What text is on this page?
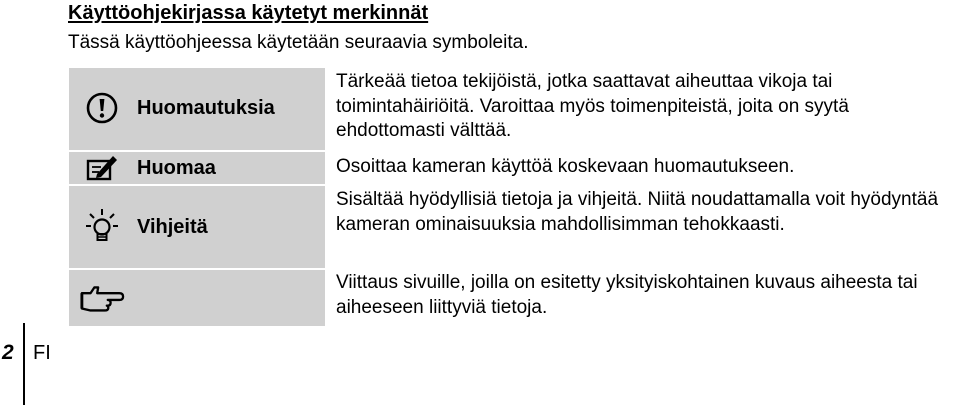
Käyttöohjekirjassa käytetyt merkinnät
Tässä käyttöohjeessa käytetään seuraavia symboleita.
Huomautuksia
Tärkeää tietoa tekijöistä, jotka saattavat aiheuttaa vikoja tai toimintahäiriöitä. Varoittaa myös toimenpiteistä, joita on syytä ehdottomasti välttää.
Huomaa	Osoittaa kameran käyttöä koskevaan huomautukseen.
Vihjeitä
Sisältää hyödyllisiä tietoja ja vihjeitä. Niitä noudattamalla voit hyödyntää kameran ominaisuuksia mahdollisimman tehokkaasti.
Viittaus sivuille, joilla on esitetty yksityiskohtainen kuvaus aiheesta tai aiheeseen liittyviä tietoja.
2 FI
